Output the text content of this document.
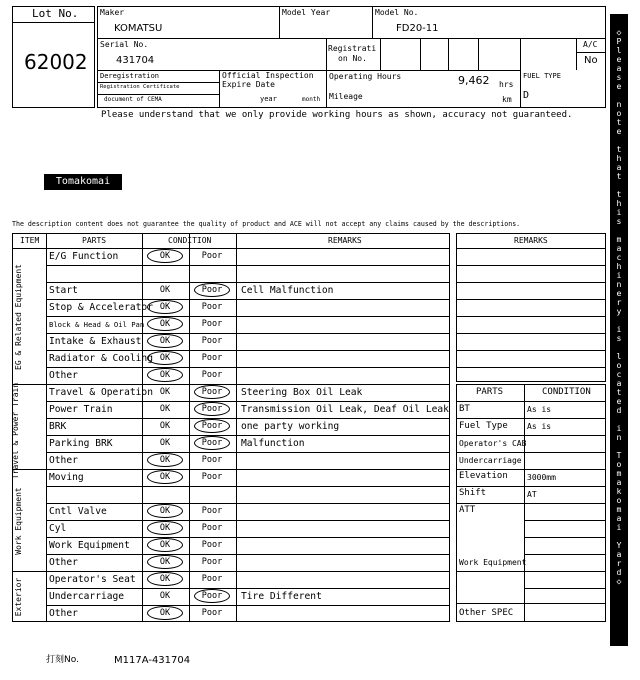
Lot No.
62002
Maker
KOMATSU
Model Year	Model No.
FD20-11
Serial No.
431704
Registrati
on No.
A/C
No
Deregistration
Registration Certificate
document of CEMA
Official Inspection
Expire Date
year	month
Operating Hours	9,462 hrs
Mileage	km
FUEL TYPE
D
Please understand that we only provide working hours as shown, accuracy not guaranteed.
Tomakomai Yard
The description content does not guarantee the quality of product and ACE will not accept any claims caused by the descriptions.
E/G Function	OK	Poor
Start	OK	Poor	Cell Malfunction
Stop & Accelerator OK	Poor
Block & Head & Oil Pan	OK	Poor
Intake & Exhaust	OK	Poor
Radiator & Cooling OK	Poor
Other	OK	Poor
Travel & Operation OK	Poor	Steering Box Oil Leak
Power Train	OK	Poor	Transmission Oil Leak, Deaf Oil Leak
BRK	OK	Poor	one party working
Parking BRK	OK	Poor	Malfunction
Other	OK	Poor
Moving	OK	Poor
Cntl Valve	OK	Poor
Cyl	OK	Poor
Work Equipment	OK	Poor
Other	OK	Poor
Operator's Seat	OK	Poor
Undercarriage	OK	Poor	Tire Different
Other	OK	Poor
ITEM	PARTS	CONDITION	REMARKS
EG & Related Equipment
Travel & Power Train
Work Equipment
Exterior
REMARKS
PARTS	CONDITION
BT	As is
Fuel Type As is
Operator's CAB
Undercarriage
Elevation 3000mm
Shift	AT
ATT
Work Equipment
Other SPEC
打刻No.	M117A-431704
◇
P
l
e
a
s
e

n
o
t
e

t
h
a
t

t
h
i
s

m
a
c
h
i
n
e
r
y

i
s

l
o
c
a
t
e
d

i
n

T
o
m
a
k
o
m
a
i

Y
a
r
d
◇
